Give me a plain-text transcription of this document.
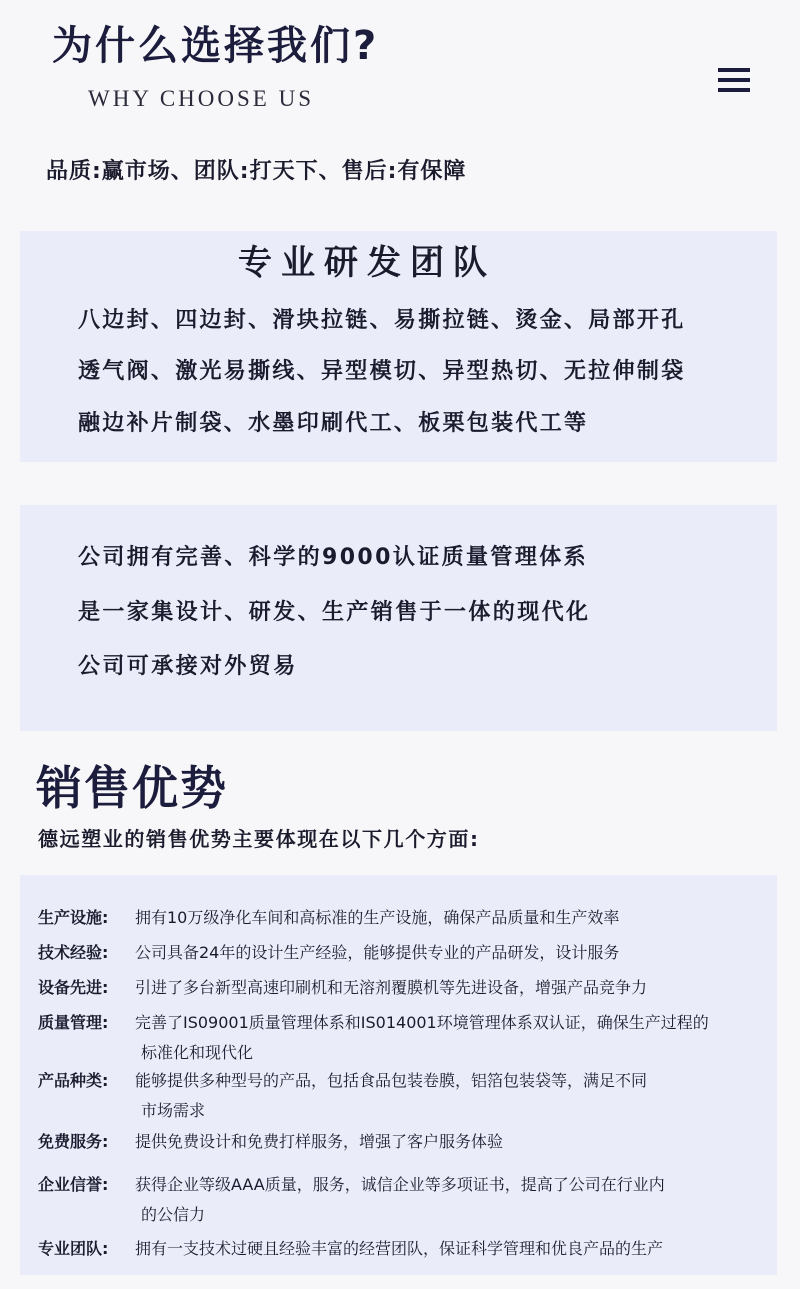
为什么选择我们?
WHY CHOOSE US
品质:赢市场、团队:打天下、售后:有保障
专业研发团队
八边封、四边封、滑块拉链、易撕拉链、烫金、局部开孔
透气阀、激光易撕线、异型模切、异型热切、无拉伸制袋
融边补片制袋、水墨印刷代工、板栗包装代工等
公司拥有完善、科学的9000认证质量管理体系
是一家集设计、研发、生产销售于一体的现代化
公司可承接对外贸易
销售优势
德远塑业的销售优势主要体现在以下几个方面:
生产设施: 拥有10万级净化车间和高标准的生产设施，确保产品质量和生产效率
技术经验: 公司具备24年的设计生产经验，能够提供专业的产品研发，设计服务
设备先进: 引进了多台新型高速印刷机和无溶剂覆膜机等先进设备，增强产品竞争力
质量管理: 完善了IS09001质量管理体系和IS014001环境管理体系双认证，确保生产过程的
标准化和现代化
产品种类: 能够提供多种型号的产品，包括食品包装卷膜，铝箔包装袋等，满足不同
市场需求
免费服务: 提供免费设计和免费打样服务，增强了客户服务体验
企业信誉: 获得企业等级AAA质量，服务，诚信企业等多项证书，提高了公司在行业内
的公信力
专业团队: 拥有一支技术过硬且经验丰富的经营团队，保证科学管理和优良产品的生产
